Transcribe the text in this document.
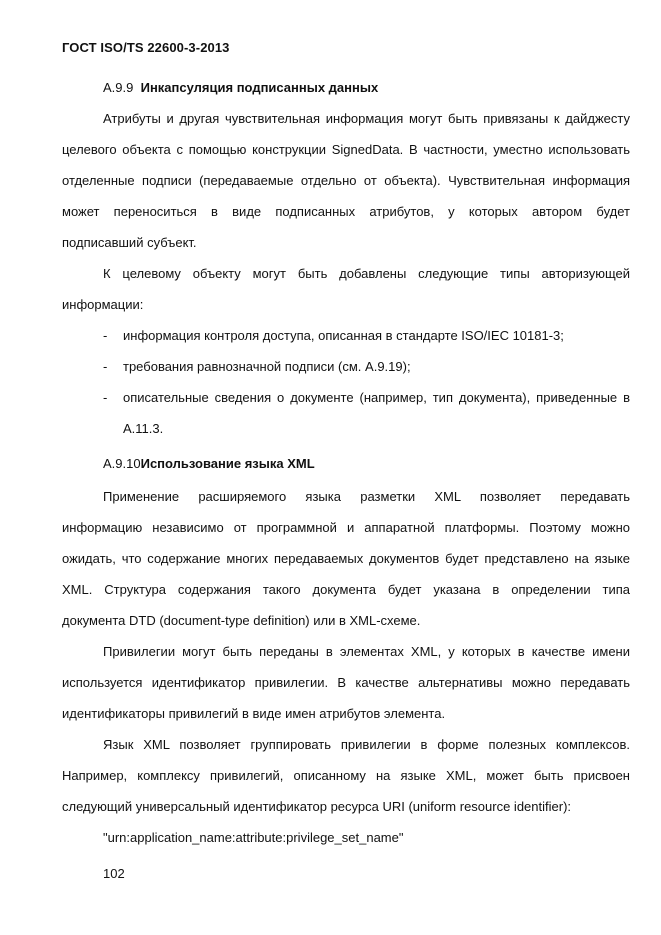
ГОСТ ISO/TS 22600-3-2013
А.9.9 Инкапсуляция подписанных данных
Атрибуты и другая чувствительная информация могут быть привязаны к дайджесту
целевого объекта с помощью конструкции SignedData. В частности, уместно использовать
отделенные подписи (передаваемые отдельно от объекта). Чувствительная информация
может переноситься в виде подписанных атрибутов, у которых автором будет
подписавший субъект.
К целевому объекту могут быть добавлены следующие типы авторизующей
информации:
- информация контроля доступа, описанная в стандарте ISO/IEC 10181-3;
- требования равнозначной подписи (см. А.9.19);
- описательные сведения о документе (например, тип документа), приведенные в
А.11.3.
А.9.10Использование языка XML
Применение расширяемого языка разметки XML позволяет передавать
информацию независимо от программной и аппаратной платформы. Поэтому можно
ожидать, что содержание многих передаваемых документов будет представлено на языке
XML. Структура содержания такого документа будет указана в определении типа
документа DTD (document-type definition) или в XML-схеме.
Привилегии могут быть переданы в элементах XML, у которых в качестве имени
используется идентификатор привилегии. В качестве альтернативы можно передавать
идентификаторы привилегий в виде имен атрибутов элемента.
Язык XML позволяет группировать привилегии в форме полезных комплексов.
Например, комплексу привилегий, описанному на языке XML, может быть присвоен
следующий универсальный идентификатор ресурса URI (uniform resource identifier):
"urn:application_name:attribute:privilege_set_name"
102
